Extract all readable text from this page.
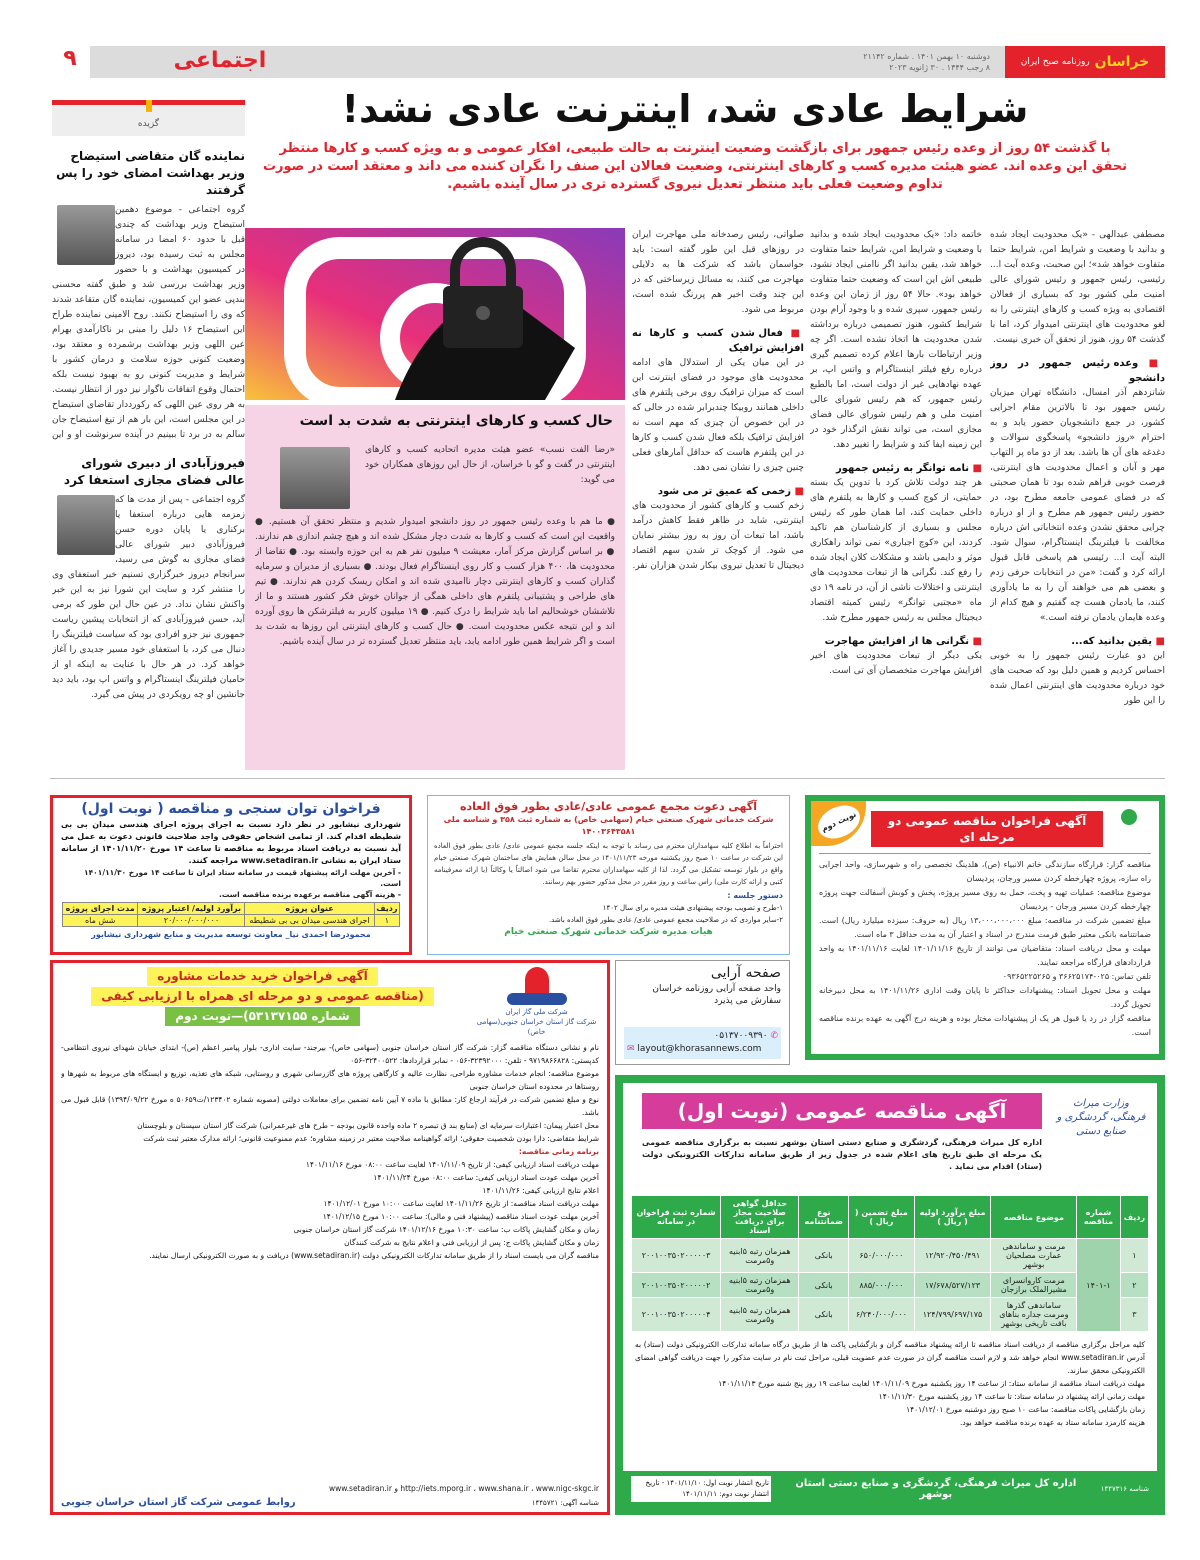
خراسان
روزنامه صبح ایران
دوشنبه ۱۰ بهمن ۱۴۰۱ . شماره ۲۱۱۴۲
۸ رجب ۱۴۴۴ . ۳۰ ژانویه ۲۰۲۳
اجتماعی
۹
شرایط عادی شد، اینترنت عادی نشد!
با گذشت ۵۴ روز از وعده رئیس جمهور برای بازگشت وضعیت اینترنت به حالت طبیعی، افکار عمومی و به ویژه کسب و کارها منتظر تحقق این وعده اند. عضو هیئت مدیره کسب و کارهای اینترنتی، وضعیت فعالان این صنف را نگران کننده می داند و معتقد است در صورت تداوم وضعیت فعلی باید منتظر تعدیل نیروی گسترده تری در سال آینده باشیم.

مصطفی عبدالهی - «یک محدودیت ایجاد شده و بدانید با وضعیت و شرایط امن، شرایط حتما متفاوت خواهد شد»؛ این صحبت، وعده آیت ا... رئیسی، رئیس جمهور و رئیس شورای عالی امنیت ملی کشور بود که بسیاری از فعالان اقتصادی به ویژه کسب و کارهای اینترنتی را به لغو محدودیت های اینترنتی امیدوار کرد، اما با گذشت ۵۴ روز، هنوز از تحقق آن خبری نیست.

■ وعده رئیس جمهور در روز دانشجو

شانزدهم آذر امسال، دانشگاه تهران میزبان رئیس جمهور بود تا بالاترین مقام اجرایی کشور، در جمع دانشجویان حضور یابد و به احترام «روز دانشجو» پاسخگوی سوالات و دغدغه های آن ها باشد. بعد از دو ماه پر التهاب مهر و آبان و اعمال محدودیت های اینترنتی، فرصت خوبی فراهم شده بود تا همان صحبتی که در فضای عمومی جامعه مطرح بود، در حضور رئیس جمهور هم مطرح و از او درباره چرایی محقق نشدن وعده انتخاباتی اش درباره مخالفت با فیلترینگ اینستاگرام، سوال شود. البته آیت ا... رئیسی هم پاسخی قابل قبول ارائه کرد و گفت: «من در انتخابات حرفی زدم و بعضی هم می خواهند آن را به ما یادآوری کنند، ما یادمان هست چه گفتیم و هیچ کدام از وعده هایمان یادمان نرفته است.»

■ یقین بدانید که...

این دو عبارت رئیس جمهور را به خوبی احساس کردیم و همین دلیل بود که صحبت های خود درباره محدودیت های اینترنتی اعمال شده را این طور

خاتمه داد: «یک محدودیت ایجاد شده و بدانید با وضعیت و شرایط امن، شرایط حتما متفاوت خواهد شد، یقین بدانید اگر ناامنی ایجاد نشود، طبیعی اش این است که وضعیت حتما متفاوت خواهد بود». حالا ۵۴ روز از زمان این وعده رئیس جمهور، سپری شده و با وجود آرام بودن شرایط کشور، هنوز تصمیمی درباره برداشته شدن محدودیت ها اتخاذ نشده است. اگر چه وزیر ارتباطات بارها اعلام کرده تصمیم گیری درباره رفع فیلتر اینستاگرام و واتس اپ، بر عهده نهادهایی غیر از دولت است، اما بالطبع رئیس جمهور، که هم رئیس شورای عالی امنیت ملی و هم رئیس شورای عالی فضای مجازی است، می تواند نقش اثرگذار خود در این زمینه ایفا کند و شرایط را تغییر دهد.

■ نامه توانگر به رئیس جمهور

هر چند دولت تلاش کرد با تدوین یک بسته حمایتی، از کوچ کسب و کارها به پلتفرم های داخلی حمایت کند، اما همان طور که رئیس مجلس و بسیاری از کارشناسان هم تاکید کردند، این «کوچ اجباری» نمی تواند راهکاری موثر و دایمی باشد و مشکلات کلان ایجاد شده را رفع کند. نگرانی ها از تبعات محدودیت های اینترنتی و اختلالات ناشی از آن، در نامه ۱۹ دی ماه «مجتبی توانگر» رئیس کمیته اقتصاد دیجیتال مجلس به رئیس جمهور مطرح شد.

■ نگرانی ها از افزایش مهاجرت

یکی دیگر از تبعات محدودیت های اخیر افزایش مهاجرت متخصصان آی تی است.

صلواتی، رئیس رصدخانه ملی مهاجرت ایران در روزهای قبل این طور گفته است: باید حواسمان باشد که شرکت ها به دلایلی مهاجرت می کنند، به مسائل زیرساختی که در این چند وقت اخیر هم پررنگ شده است، مربوط می شود.

■ فعال شدن کسب و کارها نه افزایش ترافیک

در این میان یکی از استدلال های ادامه محدودیت های موجود در فضای اینترنت این است که میزان ترافیک روی برخی پلتفرم های داخلی همانند روبیکا چندبرابر شده در حالی که در این خصوص آن چیزی که مهم است نه افزایش ترافیک بلکه فعال شدن کسب و کارها در این پلتفرم هاست که حداقل آمارهای فعلی چنین چیزی را نشان نمی دهد.

■ زخمی که عمیق تر می شود

زخم کسب و کارهای کشور از محدودیت های اینترنتی، شاید در ظاهر فقط کاهش درآمد باشد، اما تبعات آن روز به روز بیشتر نمایان می شود. از کوچک تر شدن سهم اقتصاد دیجیتال تا تعدیل نیروی بیکار شدن هزاران نفر.

حال کسب و کارهای اینترنتی به شدت بد است
«رضا الفت نسب» عضو هیئت مدیره اتحادیه کسب و کارهای اینترنتی در گفت و گو با خراسان، از حال این روزهای همکاران خود می گوید:
● ما هم با وعده رئیس جمهور در روز دانشجو امیدوار شدیم و منتظر تحقق آن هستیم. ● واقعیت این است که کسب و کارها به شدت دچار مشکل شده اند و هیچ چشم اندازی هم ندارند. ● بر اساس گزارش مرکز آمار، معیشت ۹ میلیون نفر هم به این حوزه وابسته بود. ● تقاضا از محدودیت ها، ۴۰۰ هزار کسب و کار روی اینستاگرام فعال بودند. ● بسیاری از مدیران و سرمایه گذاران کسب و کارهای اینترنتی دچار ناامیدی شده اند و امکان ریسک کردن هم ندارند. ● تیم های طراحی و پشتیبانی پلتفرم های داخلی همگی از جوانان خوش فکر کشور هستند و ما از تلاششان خوشحالیم اما باید شرایط را درک کنیم. ● ۱۹ میلیون کاربر به فیلترشکن ها روی آورده اند و این نتیجه عکس محدودیت است. ● حال کسب و کارهای اینترنتی این روزها به شدت بد است و اگر شرایط همین طور ادامه یابد، باید منتظر تعدیل گسترده تر در سال آینده باشیم.
گزیده
نماینده گان متقاضی استیضاح وزیر بهداشت امضای خود را پس گرفتند
گروه اجتماعی - موضوع دهمین استیضاح وزیر بهداشت که چندی قبل با حدود ۶۰ امضا در سامانه مجلس به ثبت رسیده بود، دیروز در کمیسیون بهداشت و با حضور وزیر بهداشت بررسی شد و طبق گفته محسنی بندپی عضو این کمیسیون، نماینده گان متقاعد شدند که وی را استیضاح نکنند. روح الامینی نماینده طراح این استیضاح ۱۶ دلیل را مبنی بر ناکارآمدی بهرام عین اللهی وزیر بهداشت برشمرده و معتقد بود، وضعیت کنونی حوزه سلامت و درمان کشور با شرایط و مدیریت کنونی رو به بهبود نیست بلکه احتمال وقوع اتفاقات ناگوار نیز دور از انتظار نیست. به هر روی عین اللهی که رکورددار تقاضای استیضاح در این مجلس است، این بار هم از تیغ استیضاح جان سالم به در برد تا ببینیم در آینده سرنوشت او و این
فیروزآبادی از دبیری شورای عالی فضای مجازی استعفا کرد
گروه اجتماعی - پس از مدت ها که زمزمه هایی درباره استعفا یا برکناری یا پایان دوره حسن فیروزآبادی دبیر شورای عالی فضای مجازی به گوش می رسید، سرانجام دیروز خبرگزاری تسنیم خبر استعفای وی را منتشر کرد و سایت این شورا نیز به این خبر واکنش نشان نداد. در عین حال این طور که برمی آید، حسن فیروزآبادی که از انتخابات پیشین ریاست جمهوری نیز جزو افرادی بود که سیاست فیلترینگ را دنبال می کرد، با استعفای خود مسیر جدیدی را آغاز خواهد کرد. در هر حال با عنایت به اینکه او از حامیان فیلترینگ اینستاگرام و واتس اپ بود، باید دید جانشین او چه رویکردی در پیش می گیرد.
نوبت دوم	آگهی فراخوان مناقصه عمومی دو مرحله ای
مناقصه گزار: قرارگاه سازندگی خاتم الانبیاء (ص)، هلدینگ تخصصی راه و شهرسازی، واحد اجرایی راه سازه، پروژه چهارخطه کردن مسیر ورجان، پردیسان
موضوع مناقصه: عملیات تهیه و پخت، حمل به روی مسیر پروژه، پخش و کوبش آسفالت جهت پروژه چهارخطه کردن مسیر ورجان - پردیسان
مبلغ تضمین شرکت در مناقصه: مبلغ ۱۳،۰۰۰،۰۰۰،۰۰۰ ریال (به حروف: سیزده میلیارد ریال) است. ضمانتنامه بانکی معتبر طبق فرمت مندرج در اسناد و اعتبار آن به مدت حداقل ۳ ماه است.
مهلت و محل دریافت اسناد: متقاضیان می توانند از تاریخ ۱۴۰۱/۱۱/۱۶ لغایت ۱۴۰۱/۱۱/۱۶ به واحد قراردادهای قرارگاه مراجعه نمایند.
تلفن تماس: ۰۲۵-۳۶۶۲۵۱۷۴ و ۰۹۳۶۵۲۲۵۲۶۵
مهلت و محل تحویل اسناد: پیشنهادات حداکثر تا پایان وقت اداری ۱۴۰۱/۱۱/۲۶ به محل دبیرخانه تحویل گردد.
مناقصه گزار در رد یا قبول هر یک از پیشنهادات مختار بوده و هزینه درج آگهی به عهده برنده مناقصه است.
آگهی دعوت مجمع عمومی عادی/عادی بطور فوق العاده
شرکت خدماتی شهرک صنعتی خیام (سهامی خاص) به شماره ثبت ۳۵۸ و شناسه ملی ۱۴۰۰۳۶۴۳۵۸۱
احتراماً به اطلاع کلیه سهامداران محترم می رساند با توجه به اینکه جلسه مجمع عمومی عادی/ عادی بطور فوق العاده این شرکت در ساعت ۱۰ صبح روز یکشنبه مورخه ۱۴۰۱/۱۱/۲۳ در محل سالن همایش های ساختمان شهرک صنعتی خیام واقع در بلوار توسعه تشکیل می گردد. لذا از کلیه سهامداران محترم تقاضا می شود اصالتاً یا وکالتاً (با ارائه معرفینامه کتبی و ارائه کارت ملی) راس ساعت و روز مقرر در محل مذکور حضور بهم رسانند.
دستور جلسه :
۱-طرح و تصویب بودجه پیشنهادی هیئت مدیره برای سال ۱۴۰۲
۲-سایر مواردی که در صلاحیت مجمع عمومی عادی/ عادی بطور فوق العاده باشد.
هیات مدیره شرکت خدماتی شهرک صنعتی خیام
فراخوان توان سنجی و مناقصه ( نوبت اول)
شهرداری نیشابور در نظر دارد نسبت به اجرای پروژه اجرای هندسی میدان بی بی شطیطه اقدام کند. از تمامی اشخاص حقوقی واجد صلاحیت قانونی دعوت به عمل می آید نسبت به دریافت اسناد مربوط به مناقصه تا ساعت ۱۴ مورخ ۱۴۰۱/۱۱/۲۰ از سامانه ستاد ایران به نشانی www.setadiran.ir مراجعه کنند.
- آخرین مهلت ارائه پیشنهاد قیمت در سامانه ستاد ایران تا ساعت ۱۴ مورخ ۱۴۰۱/۱۱/۳۰ است.
- هزینه آگهی مناقصه برعهده برنده مناقصه است.
ردیف	عنوان پروژه	برآورد اولیه/ اعتبار پروژه	مدت اجرای پروژه
۱	اجرای هندسی میدان بی بی شطیطه	۲۰/۰۰۰/۰۰۰/۰۰۰	شش ماه
محمودرضا احمدی نیا_ معاونت توسعه مدیریت و منابع شهرداری نیشابور
صفحه آرایی
واحد صفحه آرایی روزنامه خراسان سفارش می پذیرد
✆ ۰۵۱۳۷۰۰۹۳۹۰
✉ layout@khorasannews.com
شرکت ملی گاز ایران
شرکت گاز استان خراسان جنوبی(سهامی خاص)
آگهی فراخوان خرید خدمات مشاوره
(مناقصه عمومی و دو مرحله ای همراه با ارزیابی کیفی
شماره ۵۳۱۳۷۱۵۵)—نوبت دوم
نام و نشانی دستگاه مناقصه گزار: شرکت گاز استان خراسان جنوبی (سهامی خاص)- بیرجند- سایت اداری- بلوار پیامبر اعظم (ص)- ابتدای خیابان شهدای نیروی انتظامی- کدپستی: ۹۷۱۹۸۶۶۸۲۸ - تلفن: ۳۲۳۹۲۰۰۰-۰۵۶ - نمابر قراردادها: ۳۲۴۰۰۵۲۲-۰۵۶
موضوع مناقصه: انجام خدمات مشاوره طراحی، نظارت عالیه و کارگاهی پروژه های گازرسانی شهری و روستایی، شبکه های تغذیه، توزیع و ایستگاه های مربوط به شهرها و روستاها در محدوده استان خراسان جنوبی
نوع و مبلغ تضمین شرکت در فرآیند ارجاع کار: مطابق با ماده ۷ آیین نامه تضمین برای معاملات دولتی (مصوبه شماره ۱۲۳۴۰۲/ت۵۰۶۵۹ ه مورخ ۱۳۹۴/۰۹/۲۲) قابل قبول می باشد.
محل اعتبار پیمان: اعتبارات سرمایه ای (منابع بند ق تبصره ۲ ماده واحده قانون بودجه – طرح های غیرعمرانی) شرکت گاز استان سیستان و بلوچستان
شرایط متقاضی: دارا بودن شخصیت حقوقی؛ ارائه گواهینامه صلاحیت معتبر در زمینه مشاوره؛ عدم ممنوعیت قانونی؛ ارائه مدارک معتبر ثبت شرکت
برنامه زمانی مناقصه:
مهلت دریافت اسناد ارزیابی کیفی: از تاریخ ۱۴۰۱/۱۱/۰۹ لغایت ساعت ۰۸:۰۰ مورخ ۱۴۰۱/۱۱/۱۶
آخرین مهلت عودت اسناد ارزیابی کیفی: ساعت ۰۸:۰۰ مورخ ۱۴۰۱/۱۱/۲۴
اعلام نتایج ارزیابی کیفی: ۱۴۰۱/۱۱/۲۶
مهلت دریافت اسناد مناقصه: از تاریخ ۱۴۰۱/۱۱/۲۶ لغایت ساعت ۱۰:۰۰ مورخ ۱۴۰۱/۱۲/۰۱
آخرین مهلت عودت اسناد مناقصه (پیشنهاد فنی و مالی): ساعت ۱۰:۰۰ مورخ ۱۴۰۱/۱۲/۱۵
زمان و مکان گشایش پاکات ب: ساعت ۱۰:۳۰ مورخ ۱۴۰۱/۱۲/۱۶ شرکت گاز استان خراسان جنوبی
زمان و مکان گشایش پاکات ج: پس از ارزیابی فنی و اعلام نتایج به شرکت کنندگان
مناقصه گران می بایست اسناد را از طریق سامانه تدارکات الکترونیکی دولت (www.setadiran.ir) دریافت و به صورت الکترونیکی ارسال نمایند.
www.setadiran.ir و http://iets.mporg.ir ، www.shana.ir ، www.nigc-skgc.ir
شناسه آگهی: ۱۴۴۵۷۲۱
روابط عمومی شرکت گاز استان خراسان جنوبی
وزارت میراث فرهنگی، گردشگری و صنایع دستی
آگهی مناقصه عمومی (نوبت اول)
اداره کل میراث فرهنگی، گردشگری و صنایع دستی استان بوشهر نسبت به برگزاری مناقصه عمومی یک مرحله ای طبق تاریخ های اعلام شده در جدول زیر از طریق سامانه تدارکات الکترونیکی دولت (ستاد) اقدام می نماید .
ردیف	شماره مناقصه	موضوع مناقصه	مبلغ برآورد اولیه ( ریال )	مبلغ تضمین ( ریال )	نوع ضمانتنامه	حداقل گواهی صلاحیت مجاز برای دریافت اسناد	شماره ثبت فراخوان در سامانه
۱	۱۴۰۱-۱	مرمت و ساماندهی عمارت مصلحیان بوشهر	۱۲/۹۲۰/۴۵۰/۴۹۱	۶۵۰/۰۰۰/۰۰۰	بانکی	همزمان رتبه ۵ابنیه و۵مرمت	۲۰۰۱۰۰۳۵۰۲۰۰۰۰۰۳
۲		مرمت کاروانسرای مشیرالملک برازجان	۱۷/۶۷۸/۵۲۷/۱۲۳	۸۸۵/۰۰۰/۰۰۰	بانکی	همزمان رتبه ۵ابنیه و۵مرمت	۲۰۰۱۰۰۳۵۰۲۰۰۰۰۰۲
۳		ساماندهی گذرها ومرمت جداره بناهای بافت تاریخی بوشهر	۱۲۴/۷۹۹/۶۹۷/۱۷۵	۶/۲۴۰/۰۰۰/۰۰۰	بانکی	همزمان رتبه ۵ابنیه و۵مرمت	۲۰۰۱۰۰۳۵۰۲۰۰۰۰۰۴
کلیه مراحل برگزاری مناقصه از دریافت اسناد مناقصه تا ارائه پیشنهاد مناقصه گران و بازگشایی پاکت ها از طریق درگاه سامانه تدارکات الکترونیکی دولت (ستاد) به آدرس www.setadiran.ir انجام خواهد شد و لازم است مناقصه گران در صورت عدم عضویت قبلی، مراحل ثبت نام در سایت مذکور را جهت دریافت گواهی امضای الکترونیکی محقق سازند.
مهلت دریافت اسناد مناقصه از سامانه ستاد: از ساعت ۱۴ روز یکشنبه مورخ ۱۴۰۱/۱۱/۰۹ لغایت ساعت ۱۹ روز پنج شنبه مورخ ۱۴۰۱/۱۱/۱۳
مهلت زمانی ارائه پیشنهاد در سامانه ستاد: تا ساعت ۱۴ روز یکشنبه مورخ ۱۴۰۱/۱۱/۳۰
زمان بازگشایی پاکات مناقصه: ساعت ۱۰ صبح روز دوشنبه مورخ ۱۴۰۱/۱۲/۰۱
هزینه کارمزد سامانه ستاد به عهده برنده مناقصه خواهد بود.
شناسه ۱۴۴۷۳۱۶
اداره کل میراث فرهنگی، گردشگری و صنایع دستی استان بوشهر
تاریخ انتشار نوبت اول: ۱۴۰۱/۱۱/۱۰ - تاریخ انتشار نوبت دوم: ۱۴۰۱/۱۱/۱۱
